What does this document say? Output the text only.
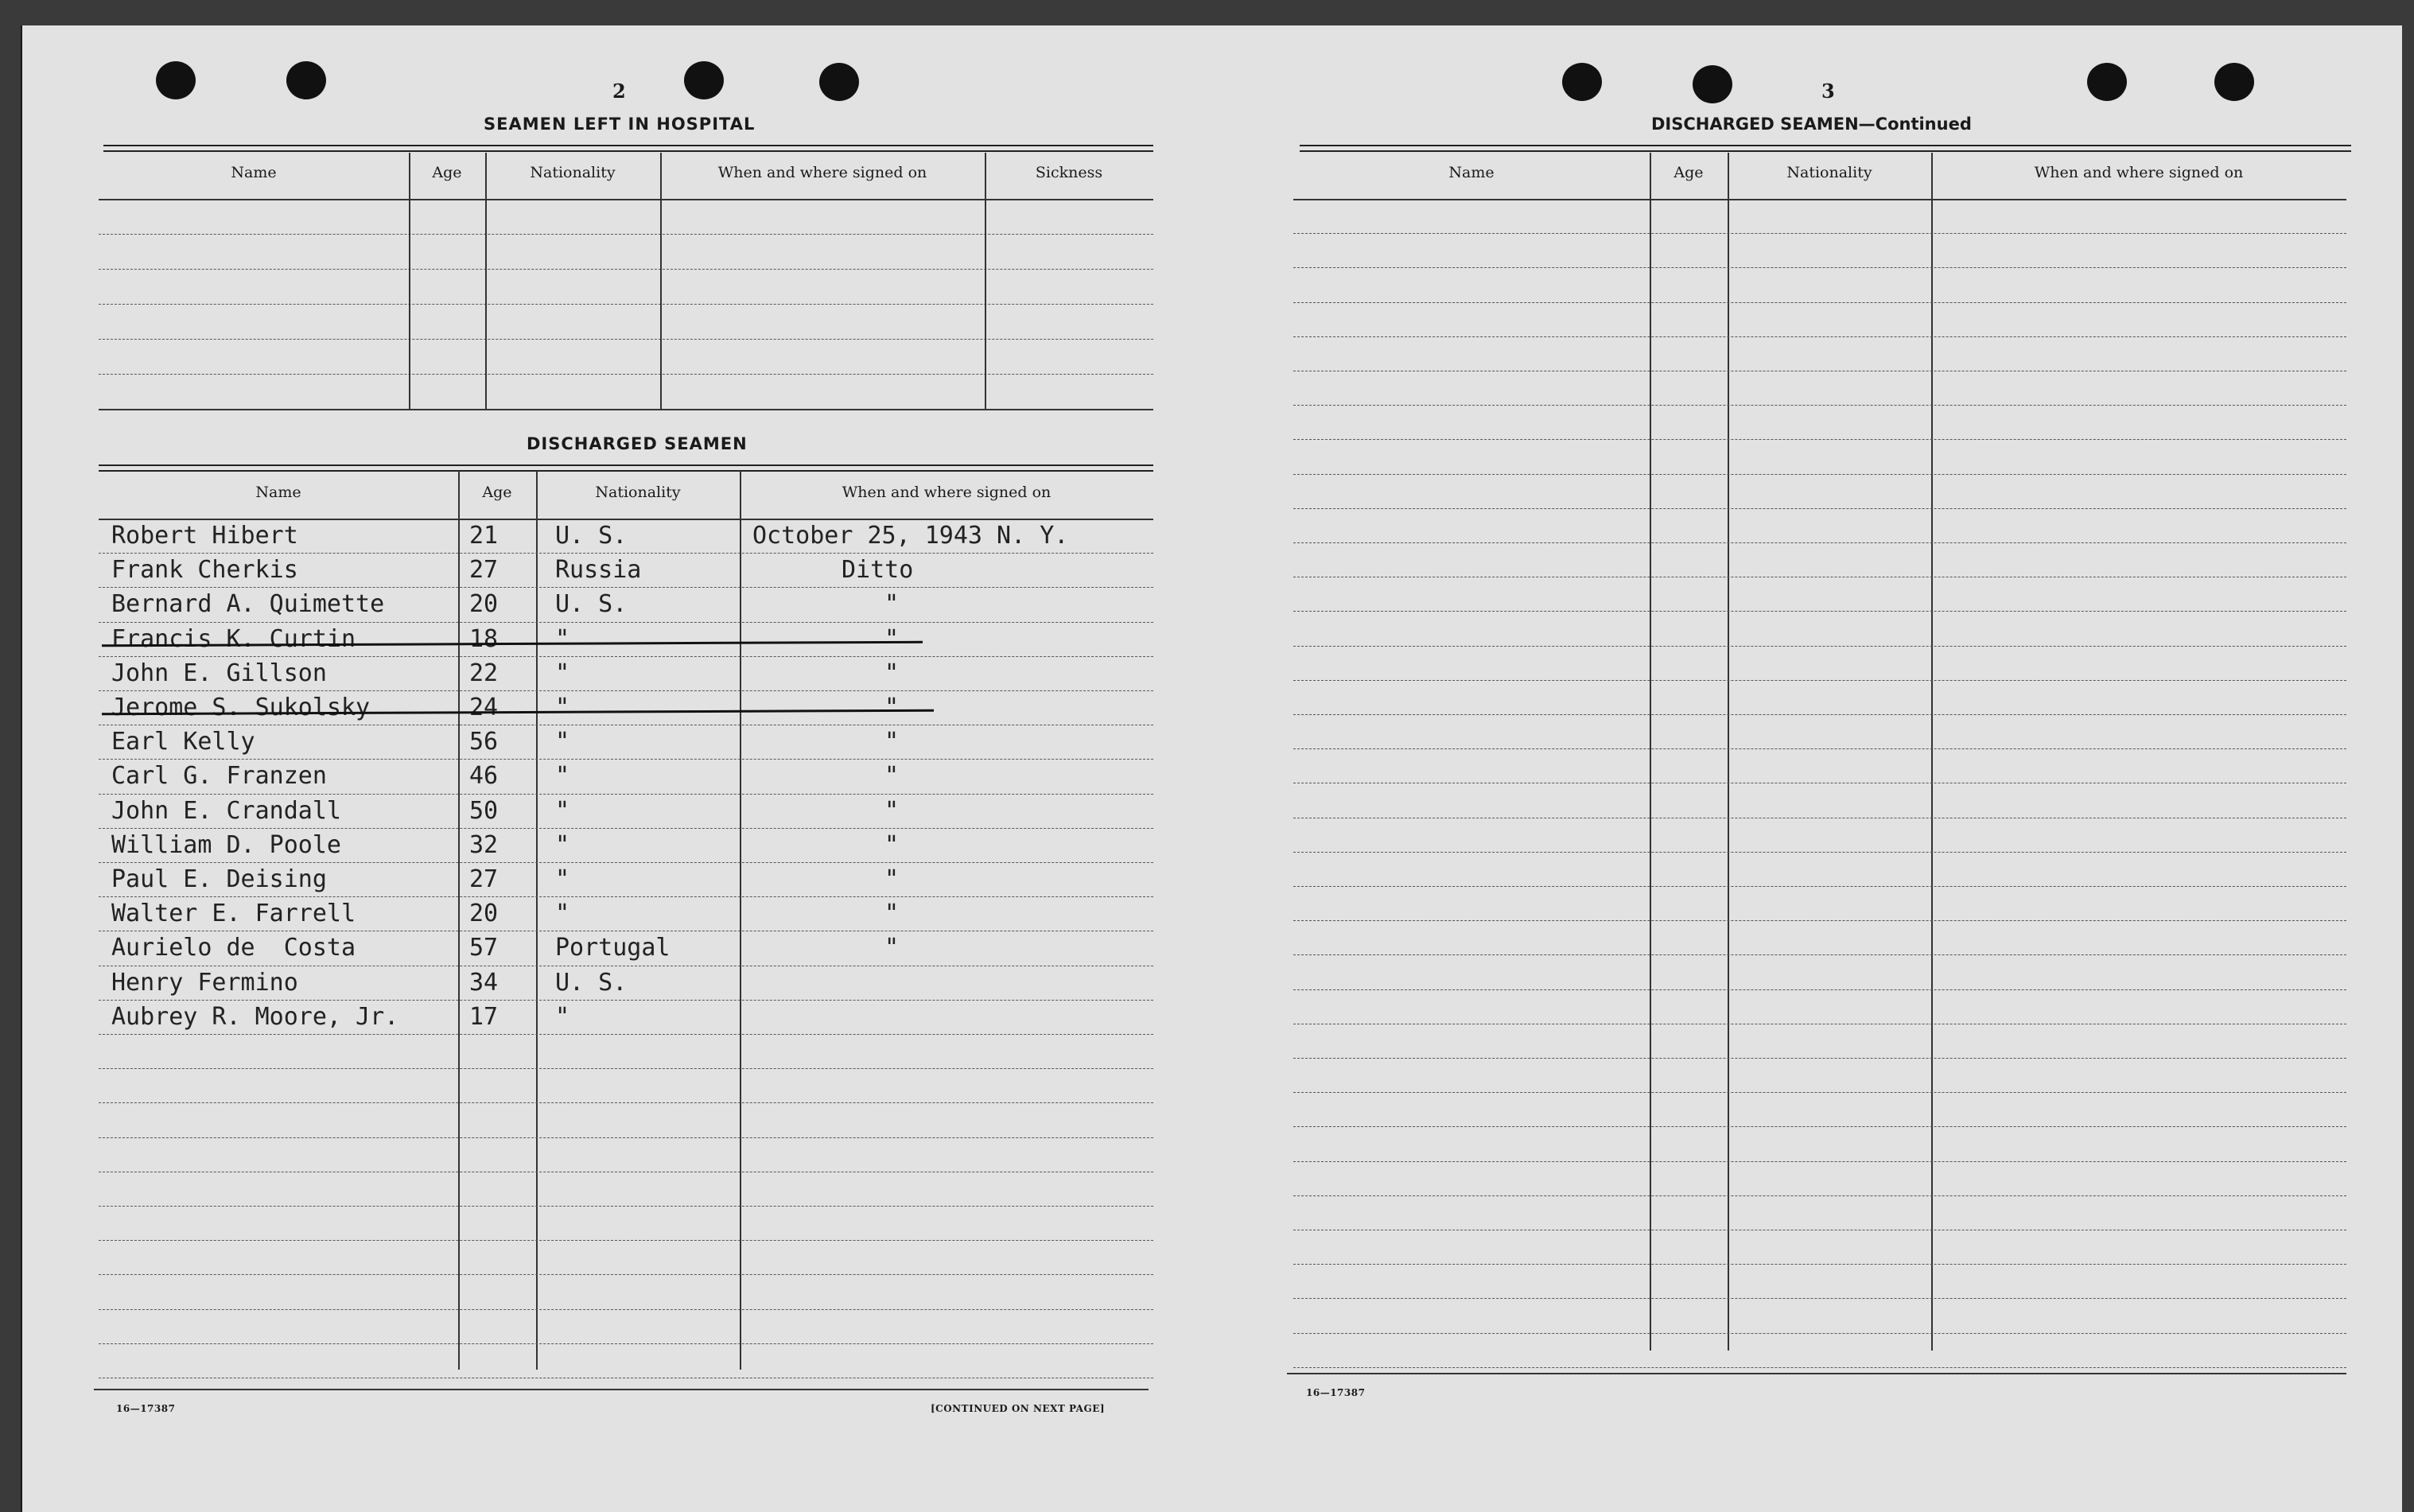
2
SEAMEN LEFT IN HOSPITAL
Name	Age	Nationality	When and where signed on	Sickness
DISCHARGED SEAMEN
Name	Age	Nationality	When and where signed on
Robert Hibert	21 U. S.	October 25, 1943 N. Y.
Frank Cherkis	27 Russia	Ditto
Bernard A. Quimette	20 U. S.	"
Francis K. Curtin	18 "	"
John E. Gillson	22 "	"
Jerome S. Sukolsky	24 "	"
Earl Kelly	56 "	"
Carl G. Franzen	46 "	"
John E. Crandall	50 "	"
William D. Poole	32 "	"
Paul E. Deising	27 "	"
Walter E. Farrell	20 "	"
Aurielo de  Costa	57 Portugal	"
Henry Fermino	34 U. S.
Aubrey R. Moore, Jr.	17 "
16—17387	[CONTINUED ON NEXT PAGE]
3
DISCHARGED SEAMEN—Continued
Name	Age	Nationality	When and where signed on
16—17387
